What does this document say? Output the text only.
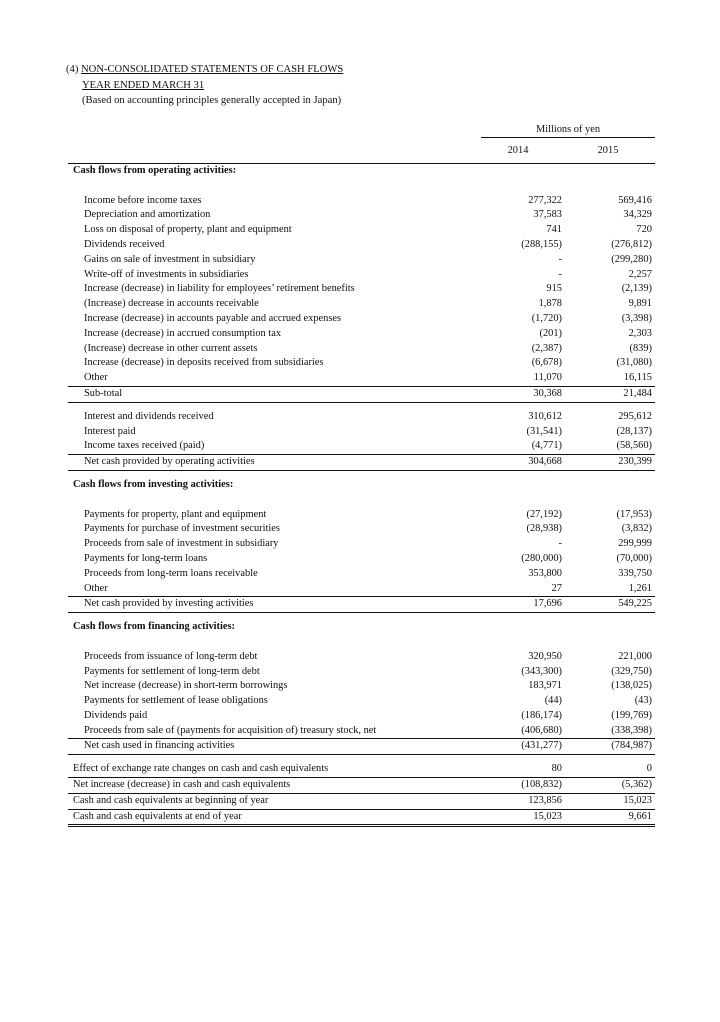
(4) NON-CONSOLIDATED STATEMENTS OF CASH FLOWS
YEAR ENDED MARCH 31
(Based on accounting principles generally accepted in Japan)
Millions of yen
2014	2015
Cash flows from operating activities:
Income before income taxes	277,322	569,416
Depreciation and amortization	37,583	34,329
Loss on disposal of property, plant and equipment	741	720
Dividends received	(288,155)	(276,812)
Gains on sale of investment in subsidiary	-	(299,280)
Write-off of investments in subsidiaries	-	2,257
Increase (decrease) in liability for employees’ retirement benefits	915	(2,139)
(Increase) decrease in accounts receivable	1,878	9,891
Increase (decrease) in accounts payable and accrued expenses	(1,720)	(3,398)
Increase (decrease) in accrued consumption tax	(201)	2,303
(Increase) decrease in other current assets	(2,387)	(839)
Increase (decrease) in deposits received from subsidiaries	(6,678)	(31,080)
Other	11,070	16,115
Sub-total	30,368	21,484
Interest and dividends received	310,612	295,612
Interest paid	(31,541)	(28,137)
Income taxes received (paid)	(4,771)	(58,560)
Net cash provided by operating activities	304,668	230,399
Cash flows from investing activities:
Payments for property, plant and equipment	(27,192)	(17,953)
Payments for purchase of investment securities	(28,938)	(3,832)
Proceeds from sale of investment in subsidiary	-	299,999
Payments for long-term loans	(280,000)	(70,000)
Proceeds from long-term loans receivable	353,800	339,750
Other	27	1,261
Net cash provided by investing activities	17,696	549,225
Cash flows from financing activities:
Proceeds from issuance of long-term debt	320,950	221,000
Payments for settlement of long-term debt	(343,300)	(329,750)
Net increase (decrease) in short-term borrowings	183,971	(138,025)
Payments for settlement of lease obligations	(44)	(43)
Dividends paid	(186,174)	(199,769)
Proceeds from sale of (payments for acquisition of) treasury stock, net	(406,680)	(338,398)
Net cash used in financing activities	(431,277)	(784,987)
Effect of exchange rate changes on cash and cash equivalents	80	0
Net increase (decrease) in cash and cash equivalents	(108,832)	(5,362)
Cash and cash equivalents at beginning of year	123,856	15,023
Cash and cash equivalents at end of year	15,023	9,661
